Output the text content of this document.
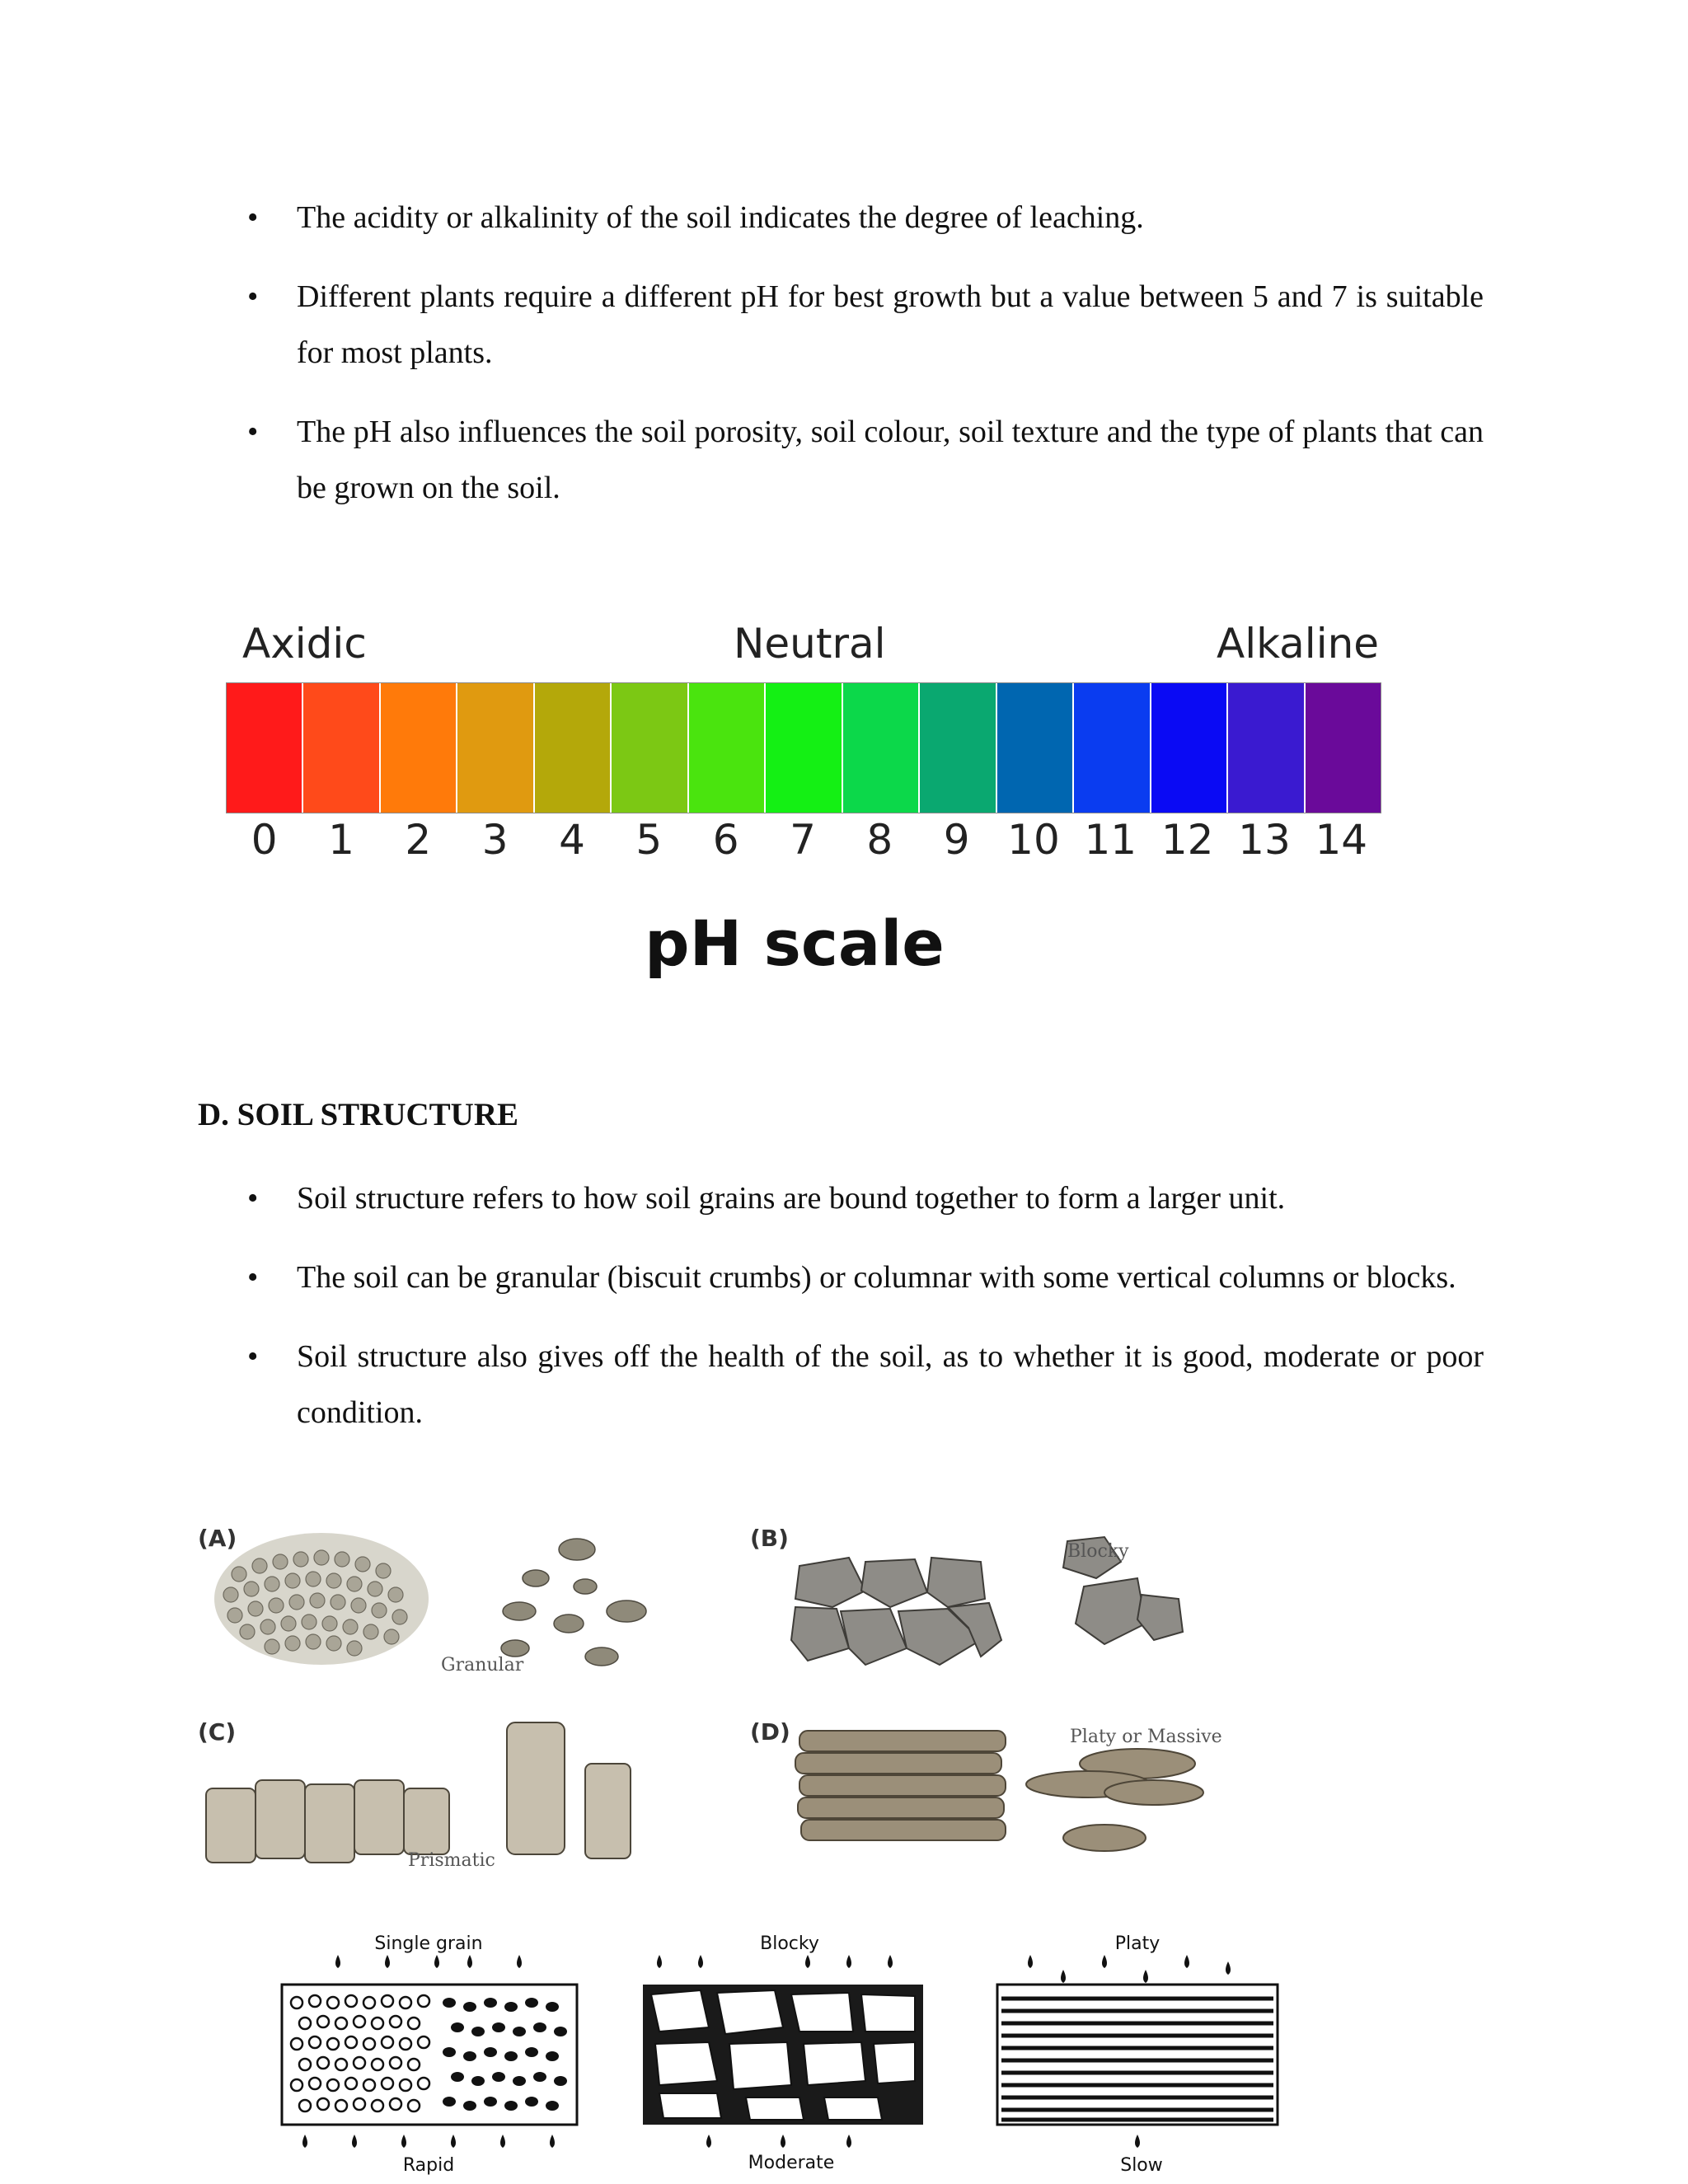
• The acidity or alkalinity of the soil indicates the degree of leaching.
• Different plants require a different pH for best growth but a value between 5 and 7 is suitable for most plants.
• The pH also influences the soil porosity, soil colour, soil texture and the type of plants that can be grown on the soil.
Axidic	Neutral	Alkaline
0	1	2	3	4	5	6	7	8	9 10 11 12 13 14
pH scale
D. SOIL STRUCTURE
• Soil structure refers to how soil grains are bound together to form a larger unit.
• The soil can be granular (biscuit crumbs) or columnar with some vertical columns or blocks.
• Soil structure also gives off the health of the soil, as to whether it is good, moderate or poor condition.
(A)	(B)
(C)	(D)
Granular
Blocky
Prismatic
Platy or Massive
Single grain	Blocky	Platy
Rapid	Moderate	Slow
